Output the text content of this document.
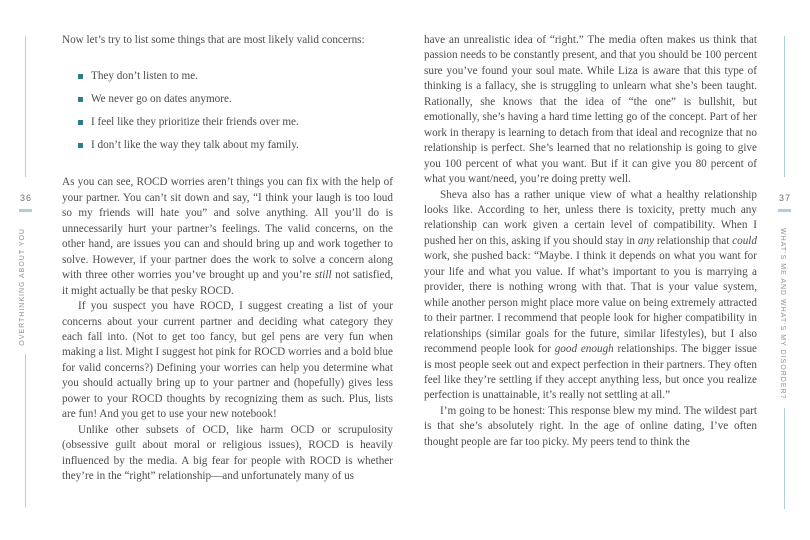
36
OVERTHINKING ABOUT YOU
37
WHAT’S ME AND WHAT’S MY DISORDER?

Now let’s try to list some things that are most likely valid concerns:

They don’t listen to me.
We never go on dates anymore.
I feel like they prioritize their friends over me.
I don’t like the way they talk about my family.

As you can see, ROCD worries aren’t things you can fix with the help of your partner. You can’t sit down and say, “I think your laugh is too loud so my friends will hate you” and solve anything. All you’ll do is unnecessarily hurt your partner’s feelings. The valid concerns, on the other hand, are issues you can and should bring up and work together to solve. However, if your partner does the work to solve a concern along with three other worries you’ve brought up and you’re still not satisfied, it might actually be that pesky ROCD.

If you suspect you have ROCD, I suggest creating a list of your concerns about your current partner and deciding what category they each fall into. (Not to get too fancy, but gel pens are very fun when making a list. Might I suggest hot pink for ROCD worries and a bold blue for valid concerns?) Defining your worries can help you determine what you should actually bring up to your partner and (hopefully) gives less power to your ROCD thoughts by recognizing them as such. Plus, lists are fun! And you get to use your new notebook!

Unlike other subsets of OCD, like harm OCD or scrupulosity (obsessive guilt about moral or religious issues), ROCD is heavily influenced by the media. A big fear for people with ROCD is whether they’re in the “right” relationship—and unfortunately many of us

have an unrealistic idea of “right.” The media often makes us think that passion needs to be constantly present, and that you should be 100 percent sure you’ve found your soul mate. While Liza is aware that this type of thinking is a fallacy, she is struggling to unlearn what she’s been taught. Rationally, she knows that the idea of “the one” is bullshit, but emotionally, she’s having a hard time letting go of the concept. Part of her work in therapy is learning to detach from that ideal and recognize that no relationship is perfect. She’s learned that no relationship is going to give you 100 percent of what you want. But if it can give you 80 percent of what you want/need, you’re doing pretty well.

Sheva also has a rather unique view of what a healthy relationship looks like. According to her, unless there is toxicity, pretty much any relationship can work given a certain level of compatibility. When I pushed her on this, asking if you should stay in any relationship that could work, she pushed back: “Maybe. I think it depends on what you want for your life and what you value. If what’s important to you is marrying a provider, there is nothing wrong with that. That is your value system, while another person might place more value on being extremely attracted to their partner. I recommend that people look for higher compatibility in relationships (similar goals for the future, similar lifestyles), but I also recommend people look for good enough relationships. The bigger issue is most people seek out and expect perfection in their partners. They often feel like they’re settling if they accept anything less, but once you realize perfection is unattainable, it’s really not settling at all.”

I’m going to be honest: This response blew my mind. The wildest part is that she’s absolutely right. In the age of online dating, I’ve often thought people are far too picky. My peers tend to think the
